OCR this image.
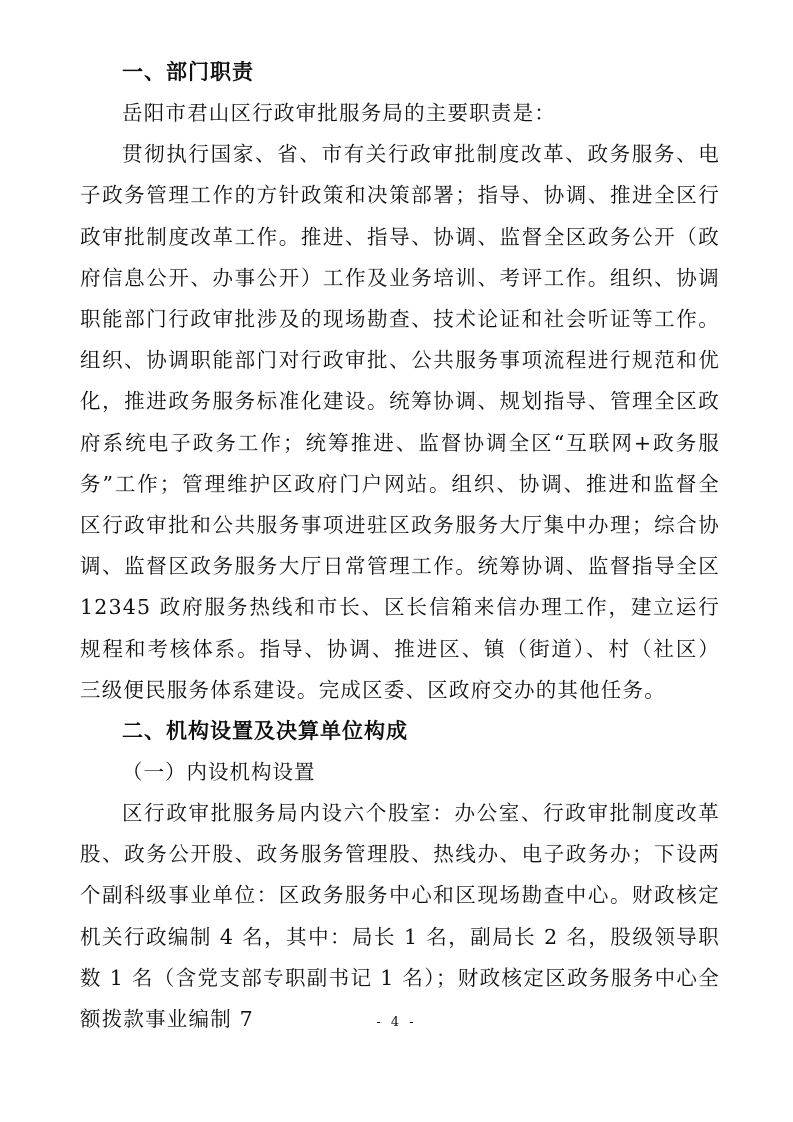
一、部门职责

岳阳市君山区行政审批服务局的主要职责是：

贯彻执行国家、省、市有关行政审批制度改革、政务服务、电子政务管理工作的方针政策和决策部署；指导、协调、推进全区行政审批制度改革工作。推进、指导、协调、监督全区政务公开（政府信息公开、办事公开）工作及业务培训、考评工作。组织、协调职能部门行政审批涉及的现场勘查、技术论证和社会听证等工作。组织、协调职能部门对行政审批、公共服务事项流程进行规范和优化，推进政务服务标准化建设。统筹协调、规划指导、管理全区政府系统电子政务工作；统筹推进、监督协调全区“互联网+政务服务”工作；管理维护区政府门户网站。组织、协调、推进和监督全区行政审批和公共服务事项进驻区政务服务大厅集中办理；综合协调、监督区政务服务大厅日常管理工作。统筹协调、监督指导全区 12345 政府服务热线和市长、区长信箱来信办理工作，建立运行规程和考核体系。指导、协调、推进区、镇（街道）、村（社区）三级便民服务体系建设。完成区委、区政府交办的其他任务。

二、机构设置及决算单位构成
（一）内设机构设置

区行政审批服务局内设六个股室：办公室、行政审批制度改革股、政务公开股、政务服务管理股、热线办、电子政务办；下设两个副科级事业单位：区政务服务中心和区现场勘查中心。财政核定机关行政编制 4 名，其中：局长 1 名，副局长 2 名，股级领导职数 1 名（含党支部专职副书记 1 名）；财政核定区政务服务中心全额拨款事业编制 7	- 4 -
